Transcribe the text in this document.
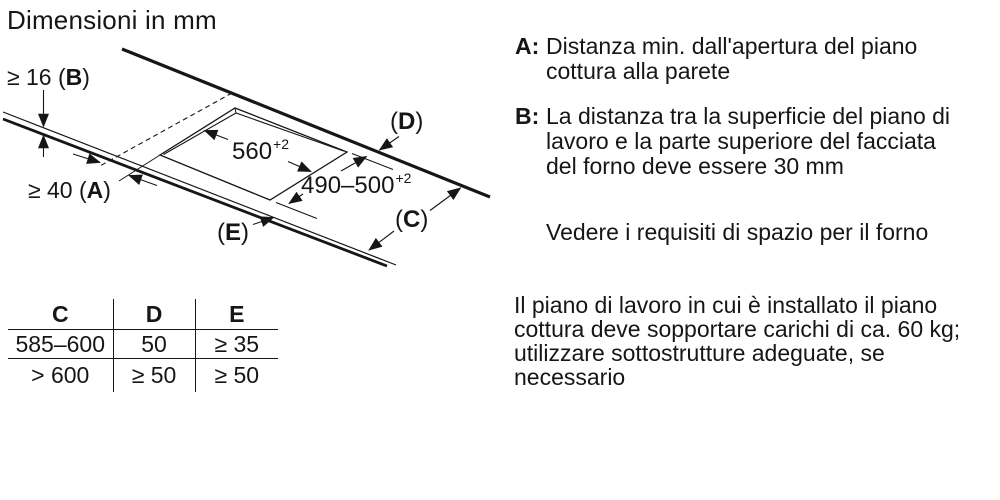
Dimensioni in mm
≥ 16 (B)
≥ 40 (A)
$560^{+2}$
$490-500^{+2}$
(D)
(C)
(E)
C	D	E
585–600	50	≥ 35
> 600	≥ 50	≥ 50
A: Distanza min. dall'apertura del piano
cottura alla parete
B: La distanza tra la superficie del piano di
lavoro e la parte superiore del facciata
del forno deve essere 30 mm
Vedere i requisiti di spazio per il forno
Il piano di lavoro in cui è installato il piano
cottura deve sopportare carichi di ca. 60 kg;
utilizzare sottostrutture adeguate, se
necessario
